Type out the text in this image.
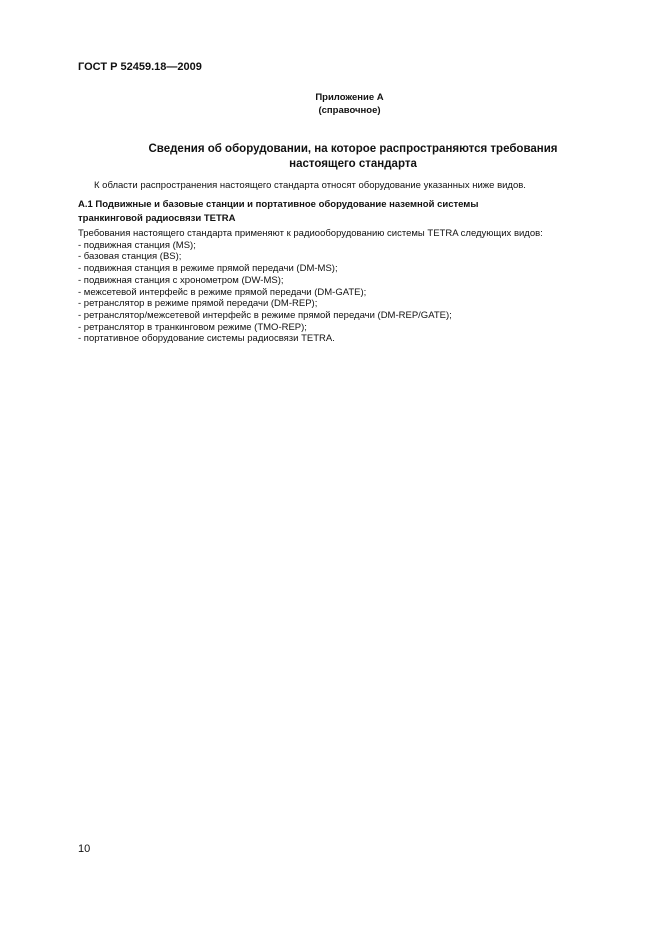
ГОСТ Р 52459.18—2009
Приложение А
(справочное)
Сведения об оборудовании, на которое распространяются требования
настоящего стандарта
К области распространения настоящего стандарта относят оборудование указанных ниже видов.
А.1 Подвижные и базовые станции и портативное оборудование наземной системы
транкинговой радиосвязи TETRA
Требования настоящего стандарта применяют к радиооборудованию системы TETRA следующих видов:
- подвижная станция (MS);
- базовая станция (BS);
- подвижная станция в режиме прямой передачи (DM-MS);
- подвижная станция с хронометром (DW-MS);
- межсетевой интерфейс в режиме прямой передачи (DM-GATE);
- ретранслятор в режиме прямой передачи (DM-REP);
- ретранслятор/межсетевой интерфейс в режиме прямой передачи (DM-REP/GATE);
- ретранслятор в транкинговом режиме (TMO-REP);
- портативное оборудование системы радиосвязи TETRA.
10
